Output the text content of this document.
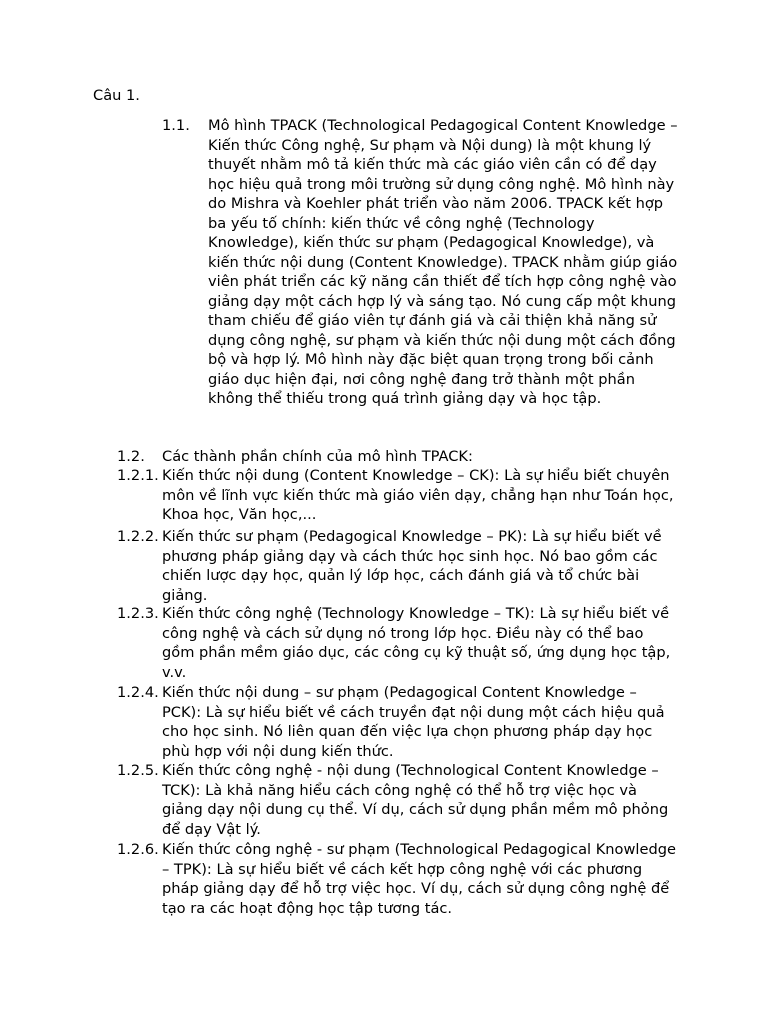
Câu 1.
1.1.	Mô hình TPACK (Technological Pedagogical Content Knowledge – Kiến thức Công nghệ, Sư phạm và Nội dung) là một khung lý thuyết nhằm mô tả kiến thức mà các giáo viên cần có để dạy học hiệu quả trong môi trường sử dụng công nghệ. Mô hình này do Mishra và Koehler phát triển vào năm 2006. TPACK kết hợp ba yếu tố chính: kiến thức về công nghệ (Technology Knowledge), kiến thức sư phạm (Pedagogical Knowledge), và kiến thức nội dung (Content Knowledge). TPACK nhằm giúp giáo viên phát triển các kỹ năng cần thiết để tích hợp công nghệ vào giảng dạy một cách hợp lý và sáng tạo. Nó cung cấp một khung tham chiếu để giáo viên tự đánh giá và cải thiện khả năng sử dụng công nghệ, sư phạm và kiến thức nội dung một cách đồng bộ và hợp lý. Mô hình này đặc biệt quan trọng trong bối cảnh giáo dục hiện đại, nơi công nghệ đang trở thành một phần không thể thiếu trong quá trình giảng dạy và học tập.
1.2.	Các thành phần chính của mô hình TPACK:
1.2.1. Kiến thức nội dung (Content Knowledge – CK): Là sự hiểu biết chuyên môn về lĩnh vực kiến thức mà giáo viên dạy, chẳng hạn như Toán học, Khoa học, Văn học,...
1.2.2. Kiến thức sư phạm (Pedagogical Knowledge – PK): Là sự hiểu biết về phương pháp giảng dạy và cách thức học sinh học. Nó bao gồm các chiến lược dạy học, quản lý lớp học, cách đánh giá và tổ chức bài giảng.
1.2.3. Kiến thức công nghệ (Technology Knowledge – TK): Là sự hiểu biết về công nghệ và cách sử dụng nó trong lớp học. Điều này có thể bao gồm phần mềm giáo dục, các công cụ kỹ thuật số, ứng dụng học tập, v.v.
1.2.4. Kiến thức nội dung – sư phạm (Pedagogical Content Knowledge – PCK): Là sự hiểu biết về cách truyền đạt nội dung một cách hiệu quả cho học sinh. Nó liên quan đến việc lựa chọn phương pháp dạy học phù hợp với nội dung kiến thức.
1.2.5. Kiến thức công nghệ - nội dung (Technological Content Knowledge – TCK): Là khả năng hiểu cách công nghệ có thể hỗ trợ việc học và giảng dạy nội dung cụ thể. Ví dụ, cách sử dụng phần mềm mô phỏng để dạy Vật lý.
1.2.6. Kiến thức công nghệ - sư phạm (Technological Pedagogical Knowledge – TPK): Là sự hiểu biết về cách kết hợp công nghệ với các phương pháp giảng dạy để hỗ trợ việc học. Ví dụ, cách sử dụng công nghệ để tạo ra các hoạt động học tập tương tác.
